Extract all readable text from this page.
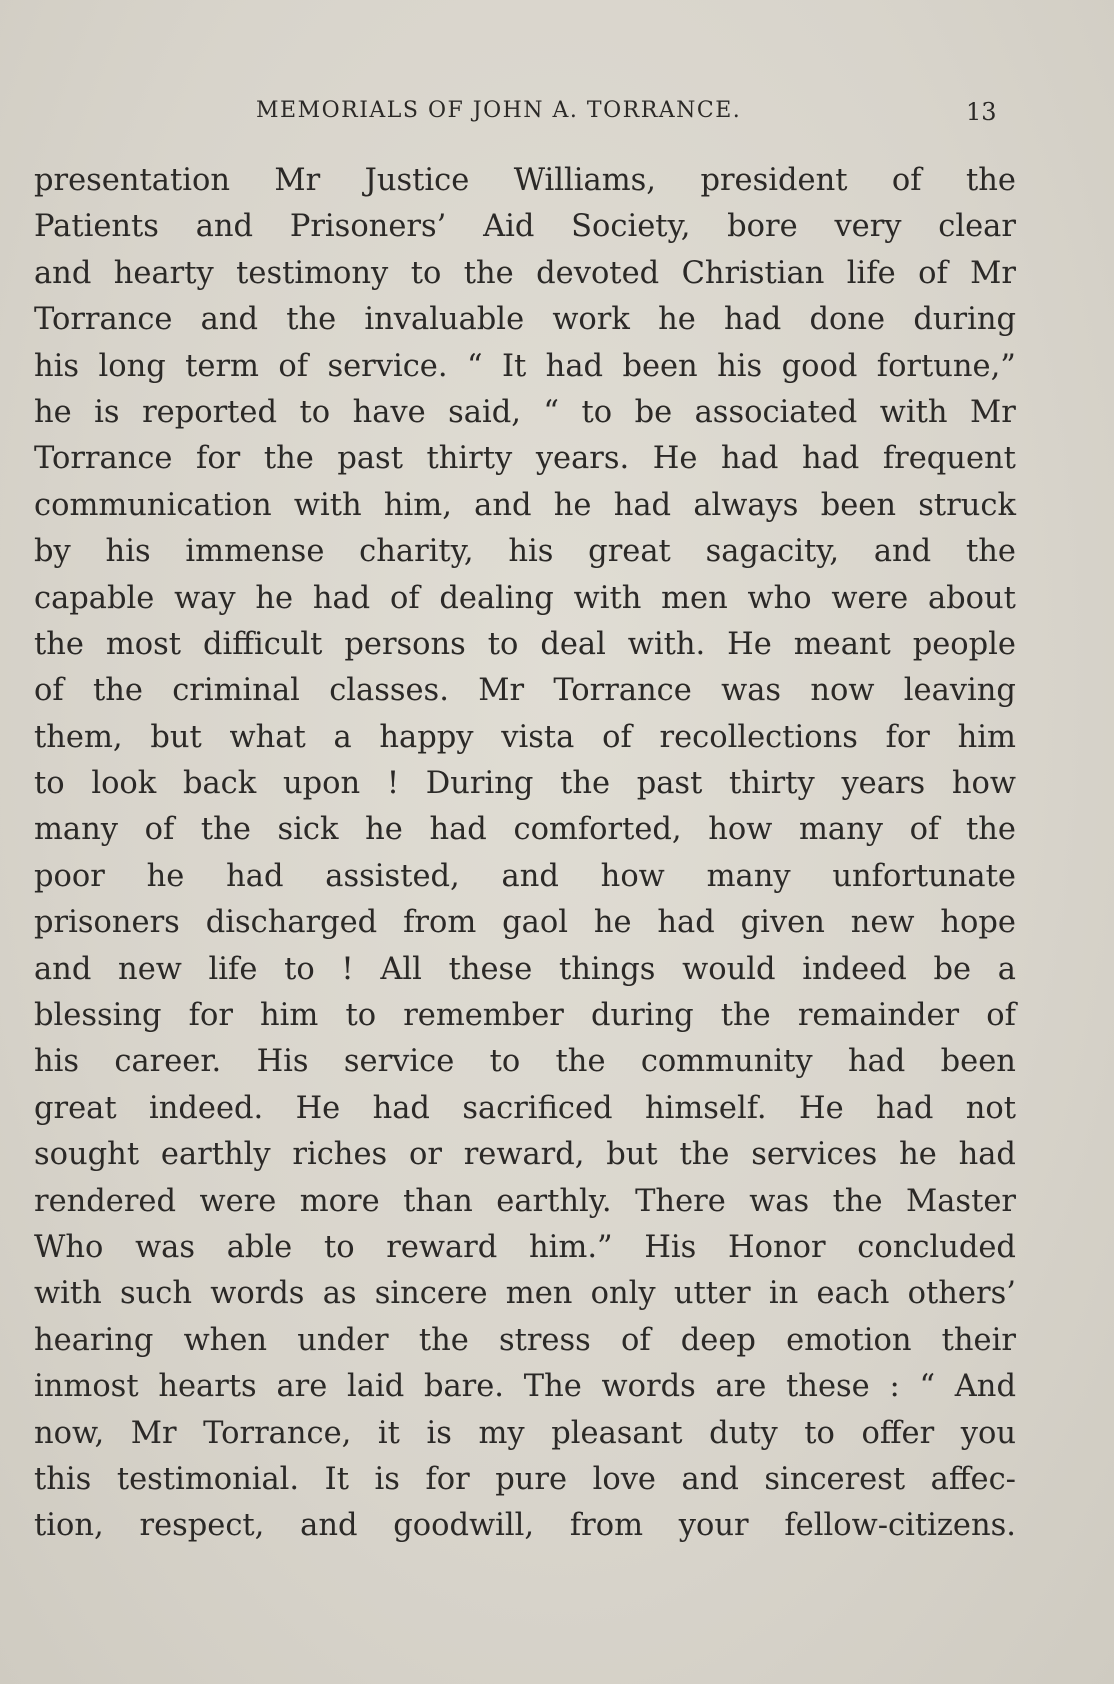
MEMORIALS OF JOHN A. TORRANCE.	13
presentation Mr Justice Williams, president of the
Patients and Prisoners’ Aid Society, bore very clear
and hearty testimony to the devoted Christian life of Mr
Torrance and the invaluable work he had done during
his long term of service. “ It had been his good fortune,”
he is reported to have said, “ to be associated with Mr
Torrance for the past thirty years. He had had frequent
communication with him, and he had always been struck
by his immense charity, his great sagacity, and the
capable way he had of dealing with men who were about
the most difficult persons to deal with. He meant people
of the criminal classes. Mr Torrance was now leaving
them, but what a happy vista of recollections for him
to look back upon ! During the past thirty years how
many of the sick he had comforted, how many of the
poor he had assisted, and how many unfortunate
prisoners discharged from gaol he had given new hope
and new life to ! All these things would indeed be a
blessing for him to remember during the remainder of
his career. His service to the community had been
great indeed. He had sacrificed himself. He had not
sought earthly riches or reward, but the services he had
rendered were more than earthly. There was the Master
Who was able to reward him.” His Honor concluded
with such words as sincere men only utter in each others’
hearing when under the stress of deep emotion their
inmost hearts are laid bare. The words are these : “ And
now, Mr Torrance, it is my pleasant duty to offer you
this testimonial. It is for pure love and sincerest affec-
tion, respect, and goodwill, from your fellow-citizens.
